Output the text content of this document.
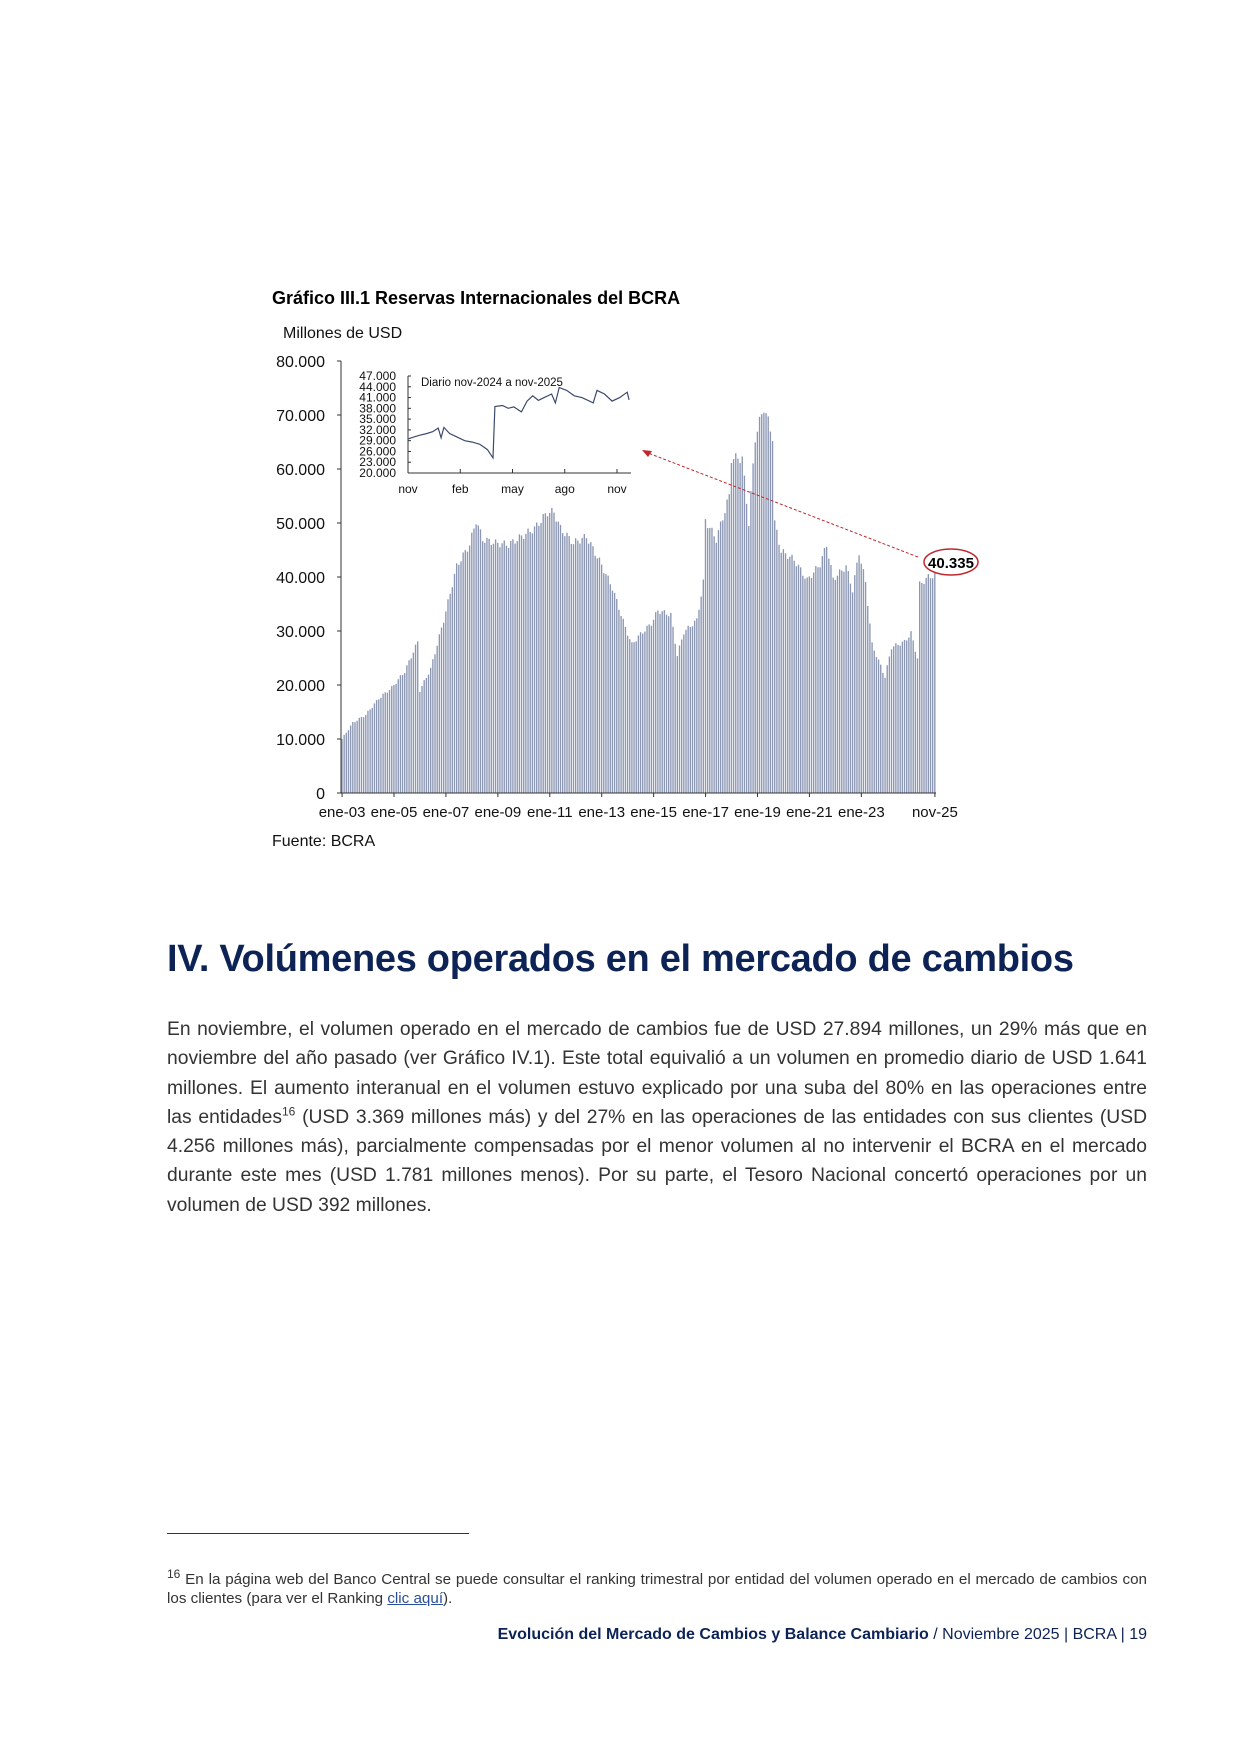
Gráfico III.1 Reservas Internacionales del BCRA
Millones de USD
0
10.000
20.000
30.000
40.000
50.000
60.000
70.000
80.000
ene-03 ene-05 ene-07 ene-09 ene-11 ene-13 ene-15 ene-17 ene-19 ene-21 ene-23 nov-25
20.000
23.000
26.000
29.000
32.000
35.000
38.000
41.000
44.000
47.000
nov	feb	may	ago	nov
Diario nov-2024 a nov-2025
40.335
Fuente: BCRA
IV. Volúmenes operados en el mercado de cambios

En noviembre, el volumen operado en el mercado de cambios fue de USD 27.894 millones, un 29% más que en noviembre del año pasado (ver Gráfico IV.1). Este total equivalió a un volumen en promedio diario de USD 1.641 millones. El aumento interanual en el volumen estuvo explicado por una suba del 80% en las operaciones entre las entidades$^{16}$ (USD 3.369 millones más) y del 27% en las operaciones de las entidades con sus clientes (USD 4.256 millones más), parcialmente compensadas por el menor volumen al no intervenir el BCRA en el mercado durante este mes (USD 1.781 millones menos). Por su parte, el Tesoro Nacional concertó operaciones por un volumen de USD 392 millones.

$^{16}$ En la página web del Banco Central se puede consultar el ranking trimestral por entidad del volumen operado en el mercado de cambios con los clientes (para ver el Ranking clic aquí).

Evolución del Mercado de Cambios y Balance Cambiario / Noviembre 2025 | BCRA | 19
